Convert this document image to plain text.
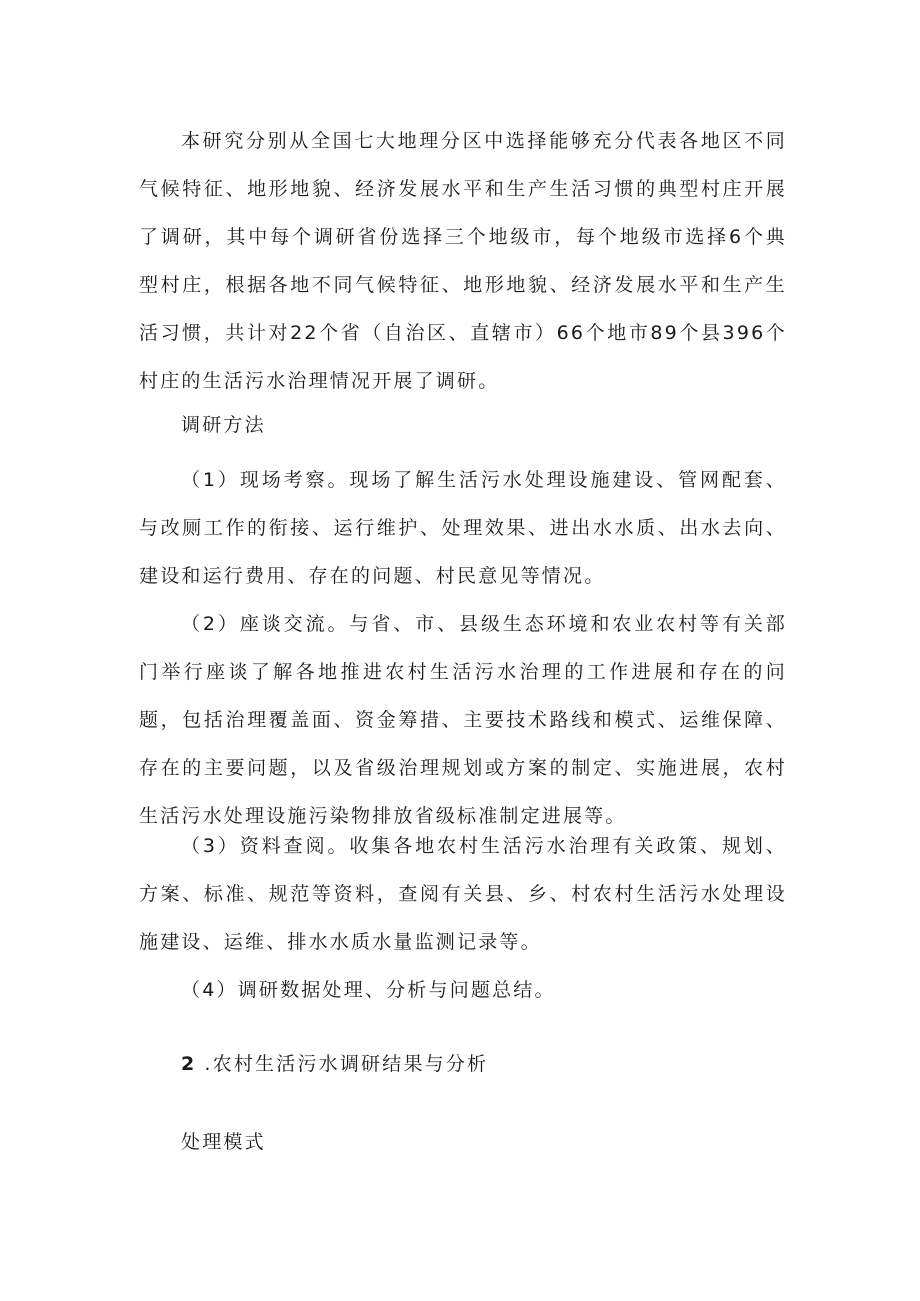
本研究分别从全国七大地理分区中选择能够充分代表各地区不同气候特征、地形地貌、经济发展水平和生产生活习惯的典型村庄开展了调研，其中每个调研省份选择三个地级市，每个地级市选择6个典型村庄，根据各地不同气候特征、地形地貌、经济发展水平和生产生活习惯，共计对22个省（自治区、直辖市）66个地市89个县396个村庄的生活污水治理情况开展了调研。

调研方法

（1）现场考察。现场了解生活污水处理设施建设、管网配套、与改厕工作的衔接、运行维护、处理效果、进出水水质、出水去向、建设和运行费用、存在的问题、村民意见等情况。

（2）座谈交流。与省、市、县级生态环境和农业农村等有关部门举行座谈了解各地推进农村生活污水治理的工作进展和存在的问题，包括治理覆盖面、资金筹措、主要技术路线和模式、运维保障、存在的主要问题，以及省级治理规划或方案的制定、实施进展，农村生活污水处理设施污染物排放省级标准制定进展等。

（3）资料查阅。收集各地农村生活污水治理有关政策、规划、方案、标准、规范等资料，查阅有关县、乡、村农村生活污水处理设施建设、运维、排水水质水量监测记录等。

（4）调研数据处理、分析与问题总结。

2 .农村生活污水调研结果与分析

处理模式
